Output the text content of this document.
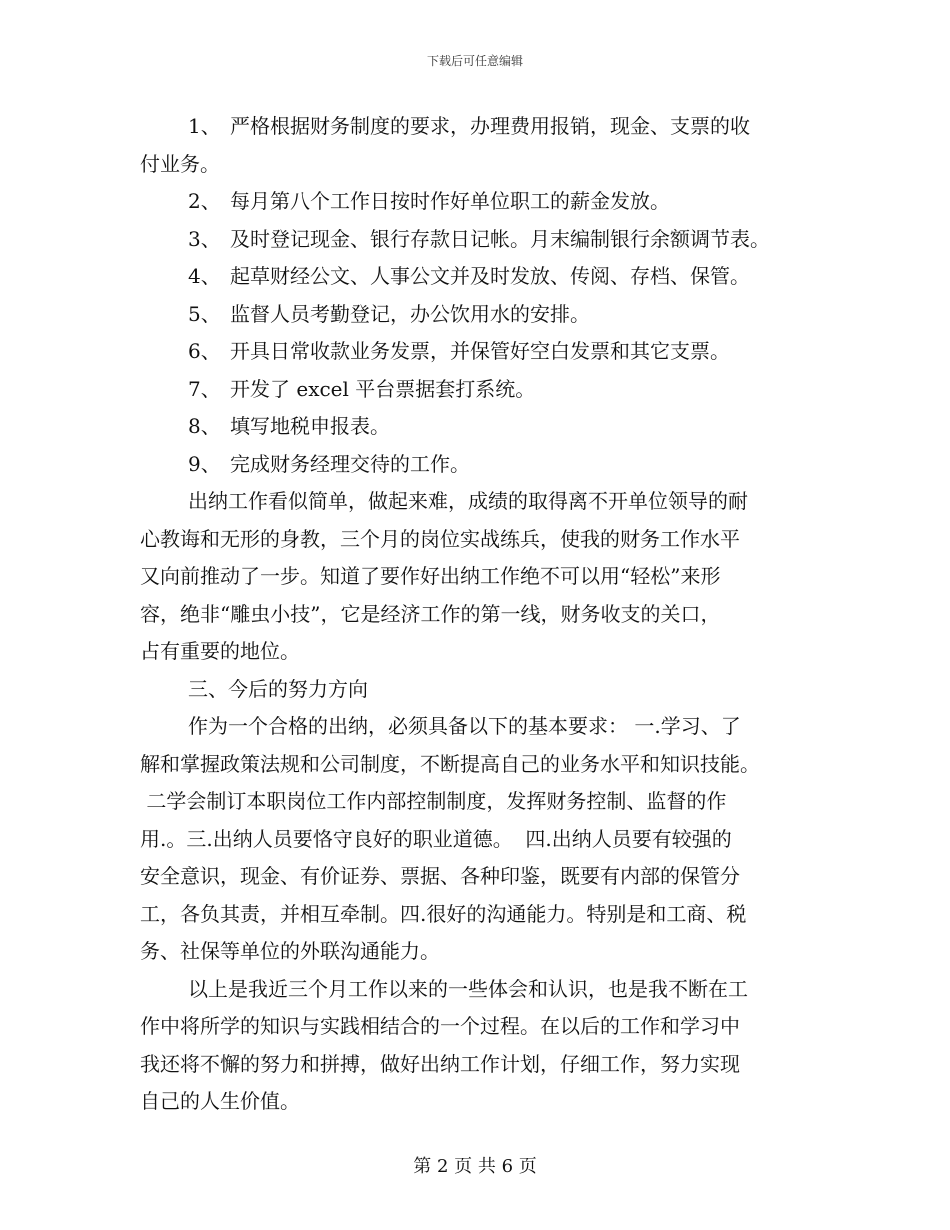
下载后可任意编辑
1、 严格根据财务制度的要求，办理费用报销，现金、支票的收
付业务。
2、 每月第八个工作日按时作好单位职工的薪金发放。
3、 及时登记现金、银行存款日记帐。月末编制银行余额调节表。
4、 起草财经公文、人事公文并及时发放、传阅、存档、保管。
5、 监督人员考勤登记，办公饮用水的安排。
6、 开具日常收款业务发票，并保管好空白发票和其它支票。
7、 开发了 excel 平台票据套打系统。
8、 填写地税申报表。
9、 完成财务经理交待的工作。
出纳工作看似简单，做起来难，成绩的取得离不开单位领导的耐
心教诲和无形的身教，三个月的岗位实战练兵，使我的财务工作水平
又向前推动了一步。知道了要作好出纳工作绝不可以用“轻松”来形
容，绝非“雕虫小技”，它是经济工作的第一线，财务收支的关口，
占有重要的地位。
三、今后的努力方向
作为一个合格的出纳，必须具备以下的基本要求： 一.学习、了
解和掌握政策法规和公司制度，不断提高自己的业务水平和知识技能。
二学会制订本职岗位工作内部控制制度，发挥财务控制、监督的作
用.。三.出纳人员要恪守良好的职业道德。  四.出纳人员要有较强的
安全意识，现金、有价证券、票据、各种印鉴，既要有内部的保管分
工，各负其责，并相互牵制。四.很好的沟通能力。特别是和工商、税
务、社保等单位的外联沟通能力。
以上是我近三个月工作以来的一些体会和认识，也是我不断在工
作中将所学的知识与实践相结合的一个过程。在以后的工作和学习中
我还将不懈的努力和拼搏，做好出纳工作计划，仔细工作，努力实现
自己的人生价值。
第 2 页 共 6 页
